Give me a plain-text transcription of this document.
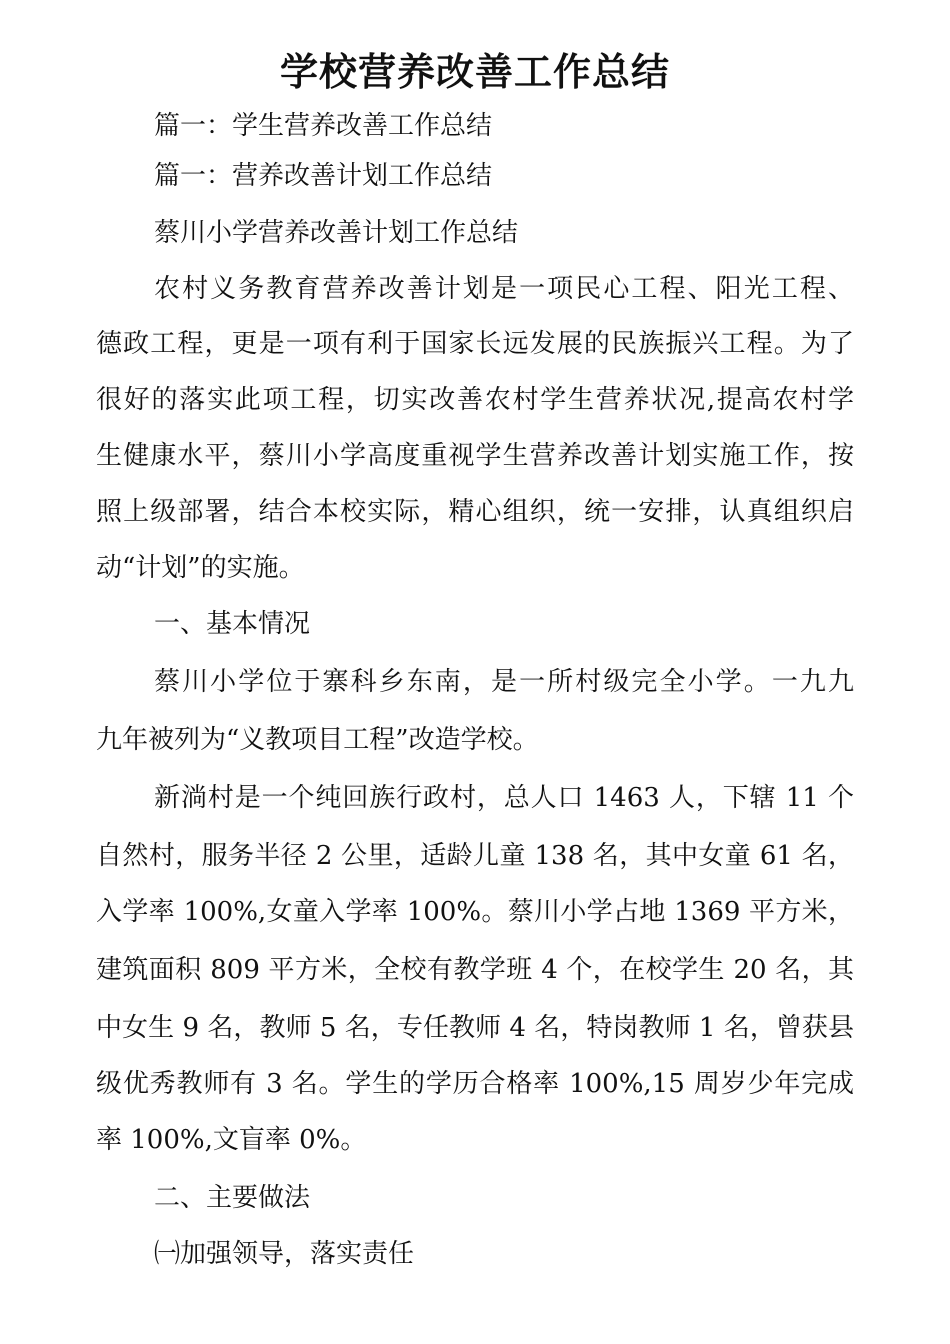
学校营养改善工作总结
篇一：学生营养改善工作总结
篇一：营养改善计划工作总结
蔡川小学营养改善计划工作总结
农村义务教育营养改善计划是一项民心工程、阳光工程、
德政工程，更是一项有利于国家长远发展的民族振兴工程。为了
很好的落实此项工程，切实改善农村学生营养状况,提高农村学
生健康水平，蔡川小学高度重视学生营养改善计划实施工作，按
照上级部署，结合本校实际，精心组织，统一安排，认真组织启
动“计划”的实施。
一、基本情况
蔡川小学位于寨科乡东南，是一所村级完全小学。一九九
九年被列为“义教项目工程”改造学校。
新淌村是一个纯回族行政村，总人口 1463 人，下辖 11 个
自然村，服务半径 2 公里，适龄儿童 138 名，其中女童 61 名，
入学率 100%,女童入学率 100%。蔡川小学占地 1369 平方米，
建筑面积 809 平方米，全校有教学班 4 个，在校学生 20 名，其
中女生 9 名，教师 5 名，专任教师 4 名，特岗教师 1 名，曾获县
级优秀教师有 3 名。学生的学历合格率 100%,15 周岁少年完成
率 100%,文盲率 0%。
二、主要做法
㈠加强领导，落实责任
